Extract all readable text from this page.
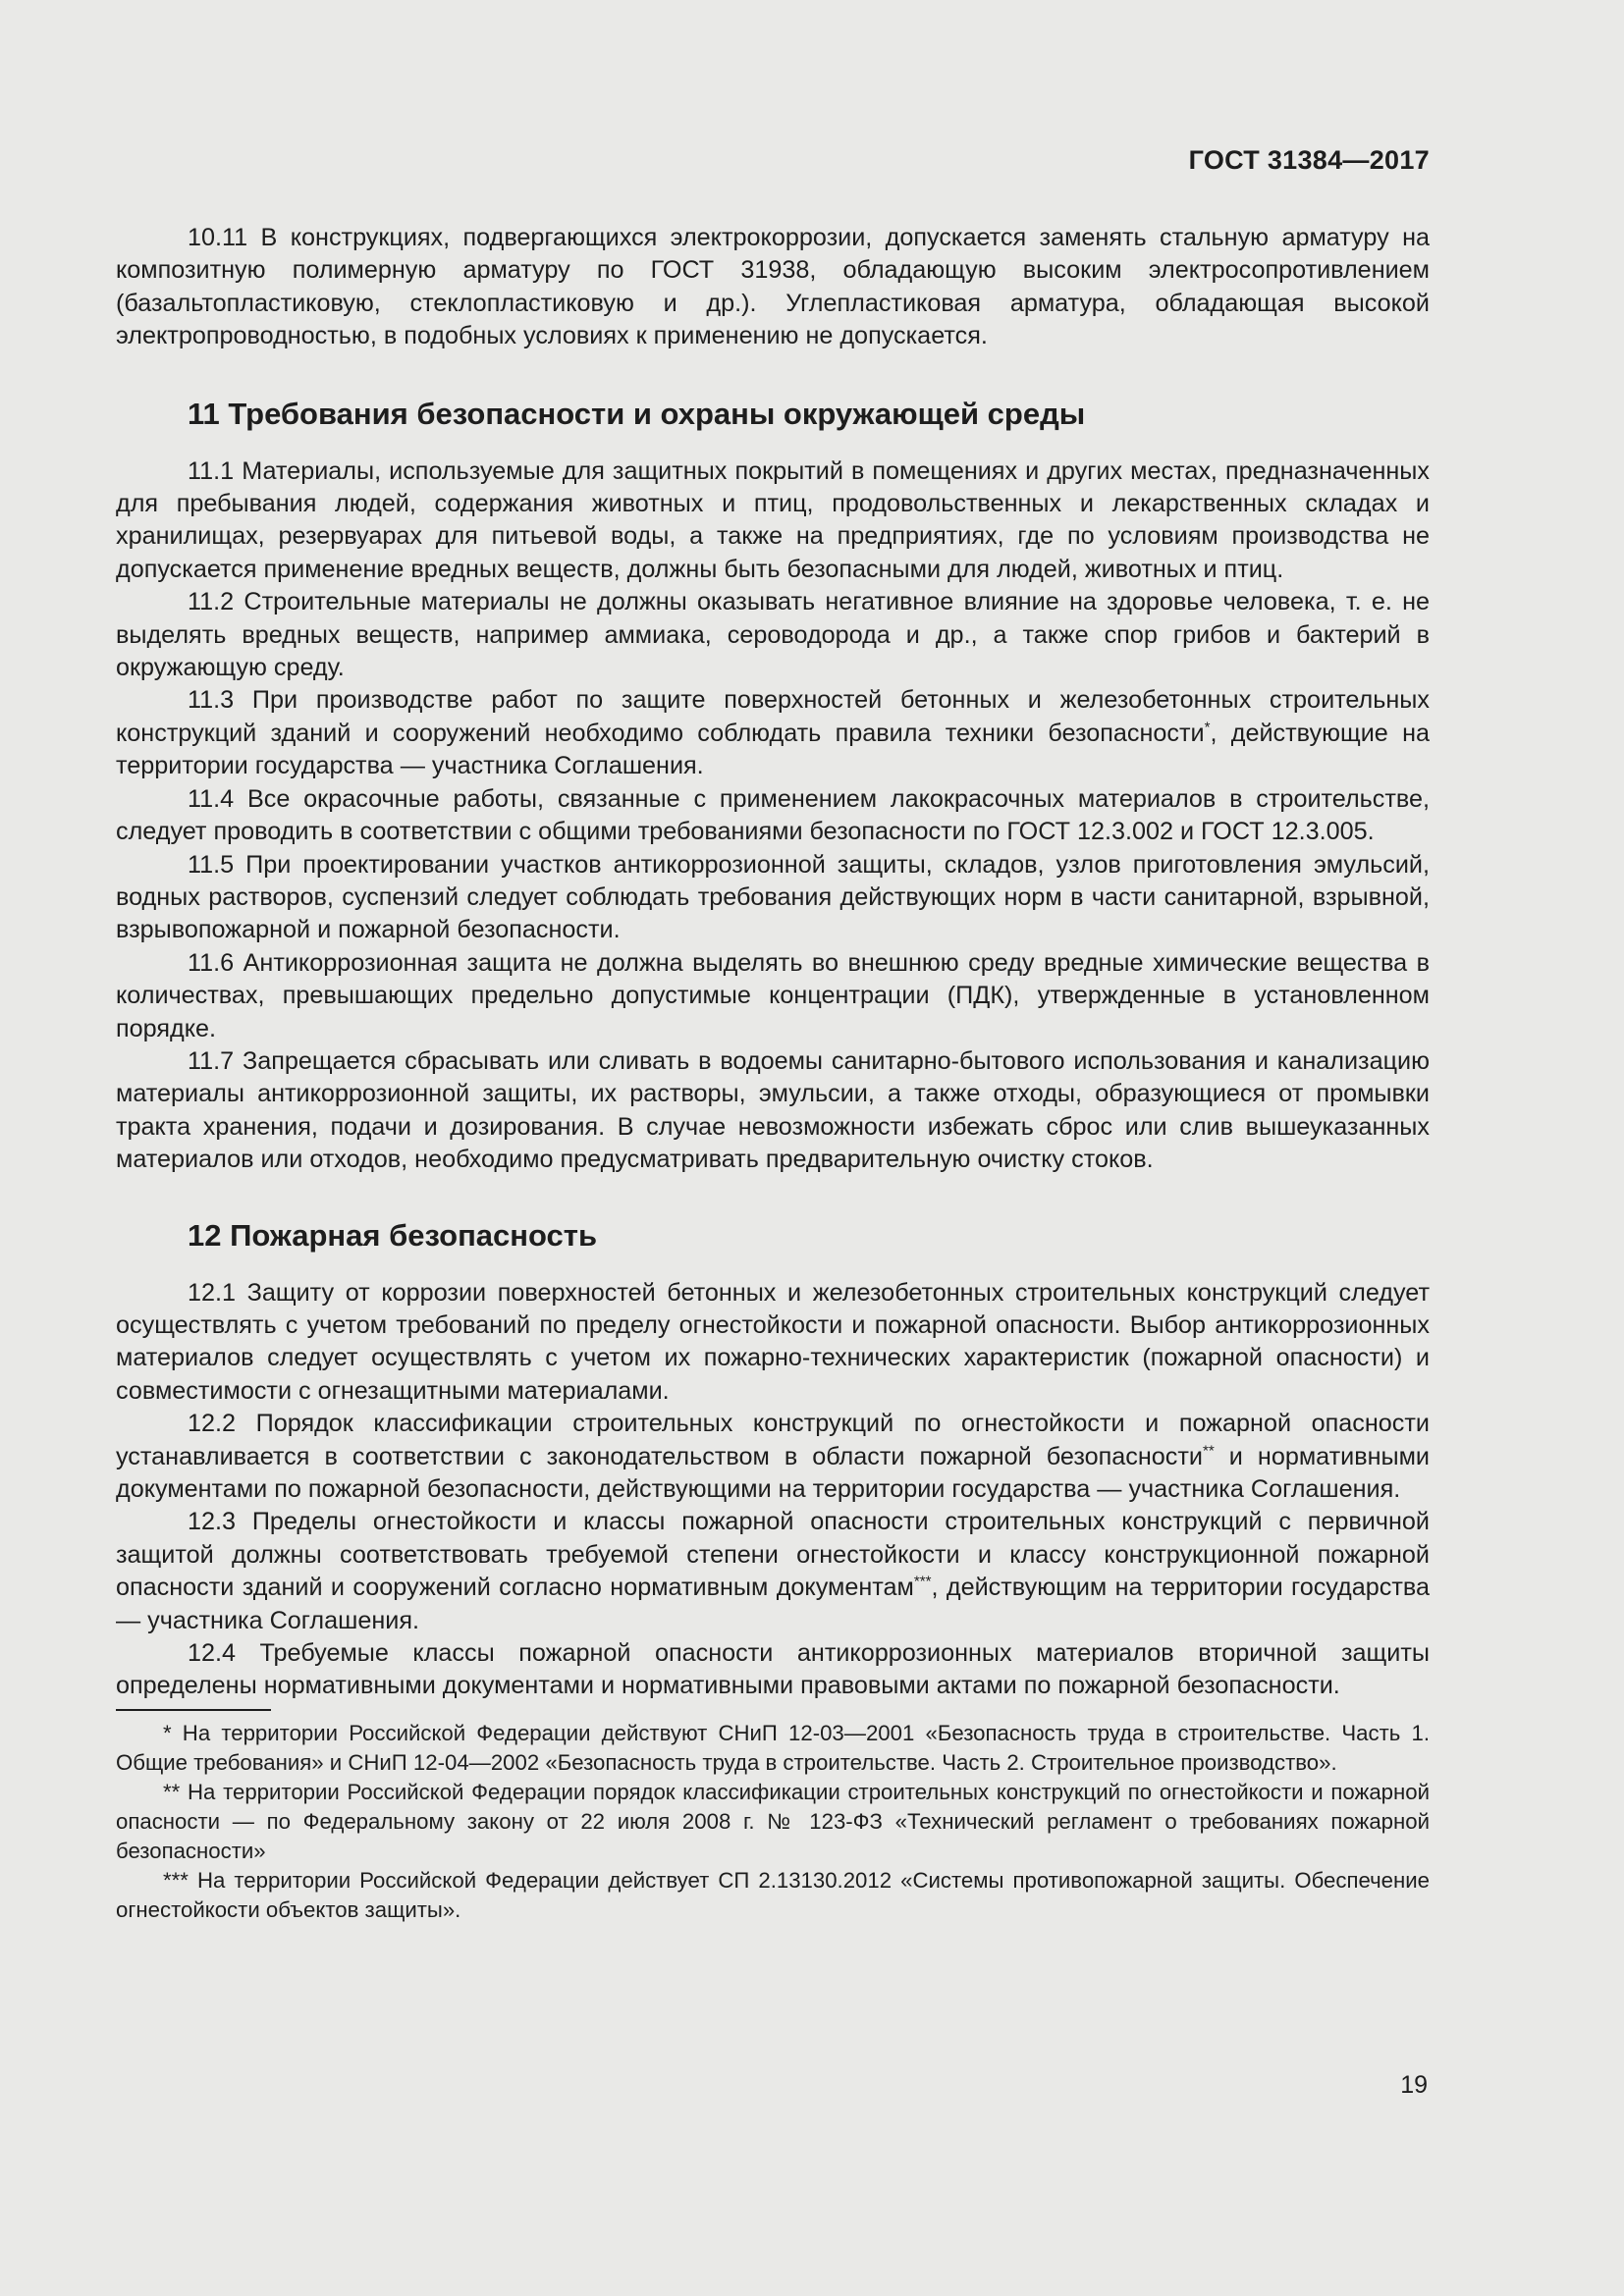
ГОСТ 31384—2017

10.11 В конструкциях, подвергающихся электрокоррозии, допускается заменять стальную арматуру на композитную полимерную арматуру по ГОСТ 31938, обладающую высоким электросопротивлением (базальтопластиковую, стеклопластиковую и др.). Углепластиковая арматура, обладающая высокой электропроводностью, в подобных условиях к применению не допускается.

11 Требования безопасности и охраны окружающей среды

11.1 Материалы, используемые для защитных покрытий в помещениях и других местах, предназначенных для пребывания людей, содержания животных и птиц, продовольственных и лекарственных складах и хранилищах, резервуарах для питьевой воды, а также на предприятиях, где по условиям производства не допускается применение вредных веществ, должны быть безопасными для людей, животных и птиц.

11.2 Строительные материалы не должны оказывать негативное влияние на здоровье человека, т. е. не выделять вредных веществ, например аммиака, сероводорода и др., а также спор грибов и бактерий в окружающую среду.

11.3 При производстве работ по защите поверхностей бетонных и железобетонных строительных конструкций зданий и сооружений необходимо соблюдать правила техники безопасности*, действующие на территории государства — участника Соглашения.

11.4 Все окрасочные работы, связанные с применением лакокрасочных материалов в строительстве, следует проводить в соответствии с общими требованиями безопасности по ГОСТ 12.3.002 и ГОСТ 12.3.005.

11.5 При проектировании участков антикоррозионной защиты, складов, узлов приготовления эмульсий, водных растворов, суспензий следует соблюдать требования действующих норм в части санитарной, взрывной, взрывопожарной и пожарной безопасности.

11.6 Антикоррозионная защита не должна выделять во внешнюю среду вредные химические вещества в количествах, превышающих предельно допустимые концентрации (ПДК), утвержденные в установленном порядке.

11.7 Запрещается сбрасывать или сливать в водоемы санитарно-бытового использования и канализацию материалы антикоррозионной защиты, их растворы, эмульсии, а также отходы, образующиеся от промывки тракта хранения, подачи и дозирования. В случае невозможности избежать сброс или слив вышеуказанных материалов или отходов, необходимо предусматривать предварительную очистку стоков.

12 Пожарная безопасность

12.1 Защиту от коррозии поверхностей бетонных и железобетонных строительных конструкций следует осуществлять с учетом требований по пределу огнестойкости и пожарной опасности. Выбор антикоррозионных материалов следует осуществлять с учетом их пожарно-технических характеристик (пожарной опасности) и совместимости с огнезащитными материалами.

12.2 Порядок классификации строительных конструкций по огнестойкости и пожарной опасности устанавливается в соответствии с законодательством в области пожарной безопасности** и нормативными документами по пожарной безопасности, действующими на территории государства — участника Соглашения.

12.3 Пределы огнестойкости и классы пожарной опасности строительных конструкций с первичной защитой должны соответствовать требуемой степени огнестойкости и классу конструкционной пожарной опасности зданий и сооружений согласно нормативным документам***, действующим на территории государства — участника Соглашения.

12.4 Требуемые классы пожарной опасности антикоррозионных материалов вторичной защиты определены нормативными документами и нормативными правовыми актами по пожарной безопасности.

* На территории Российской Федерации действуют СНиП 12-03—2001 «Безопасность труда в строительстве. Часть 1. Общие требования» и СНиП 12-04—2002 «Безопасность труда в строительстве. Часть 2. Строительное производство».

** На территории Российской Федерации порядок классификации строительных конструкций по огнестойкости и пожарной опасности — по Федеральному закону от 22 июля 2008 г. № 123-ФЗ «Технический регламент о требованиях пожарной безопасности»

*** На территории Российской Федерации действует СП 2.13130.2012 «Системы противопожарной защиты. Обеспечение огнестойкости объектов защиты».

19
